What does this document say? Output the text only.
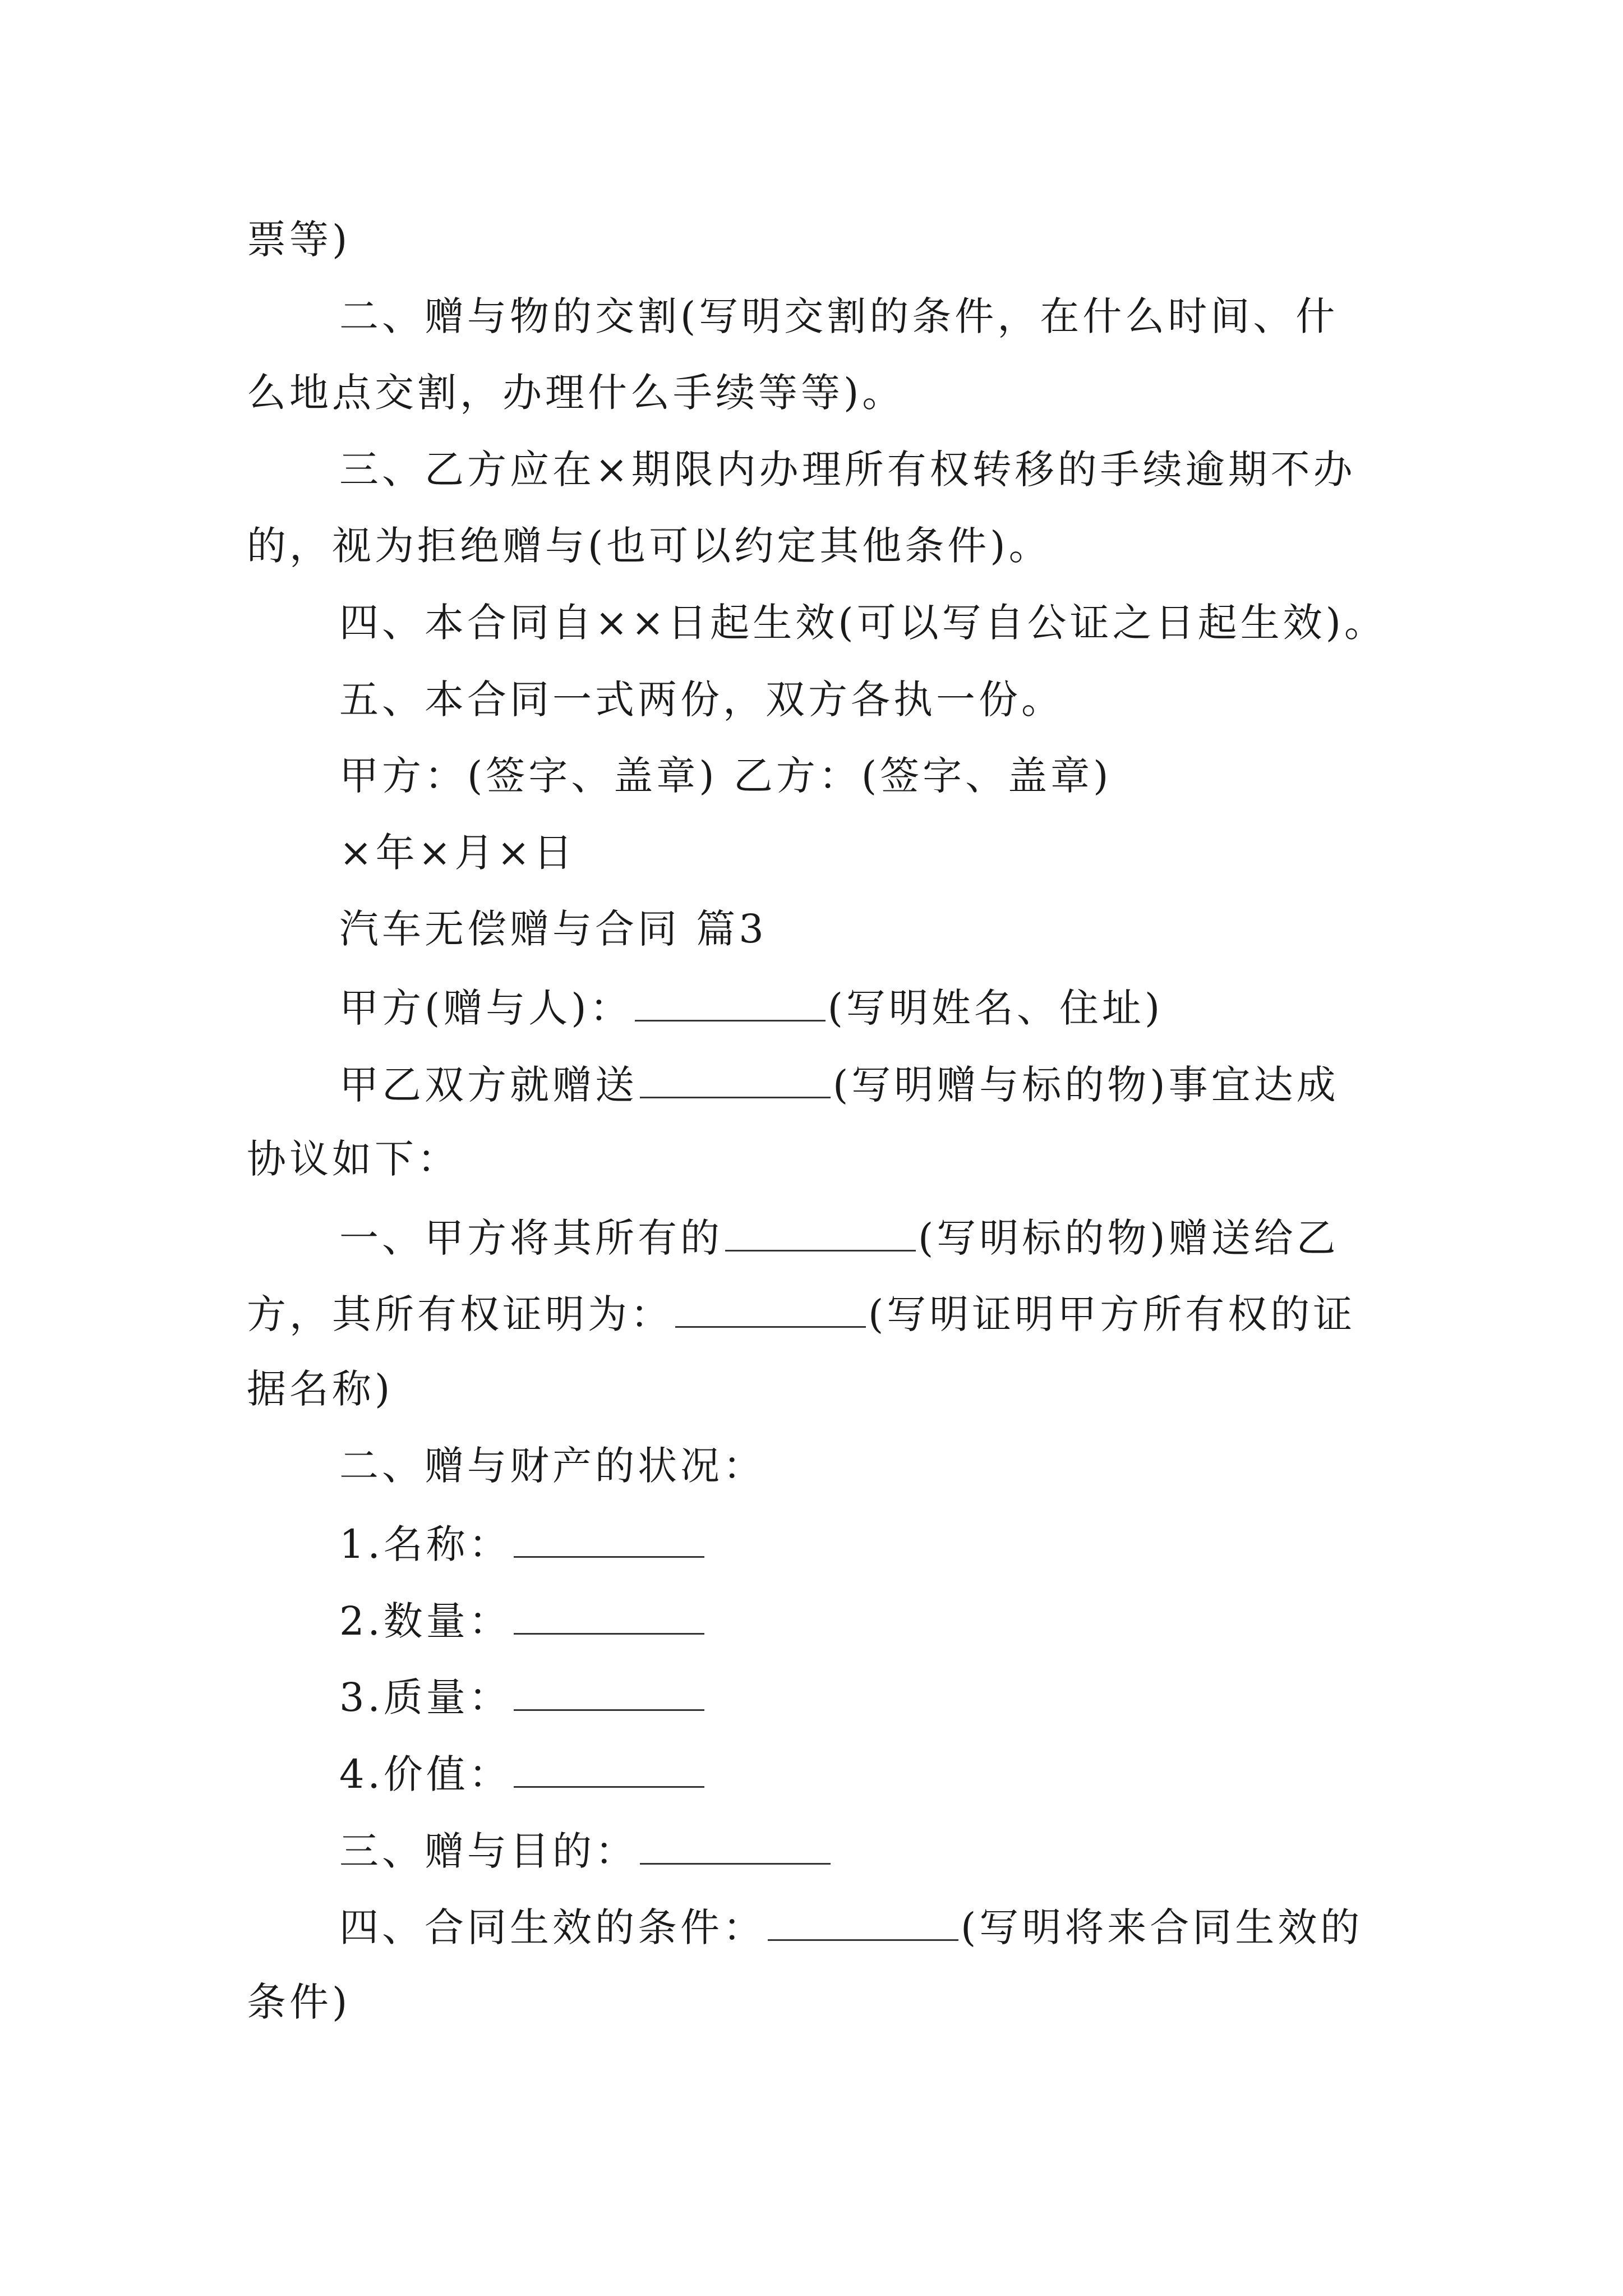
票等)
二、赠与物的交割(写明交割的条件，在什么时间、什
么地点交割，办理什么手续等等)。
三、乙方应在×期限内办理所有权转移的手续逾期不办
的，视为拒绝赠与(也可以约定其他条件)。
四、本合同自××日起生效(可以写自公证之日起生效)。
五、本合同一式两份，双方各执一份。
甲方：(签字、盖章) 乙方：(签字、盖章)
×年×月×日
汽车无偿赠与合同 篇3
甲方(赠与人)：	(写明姓名、住址)
甲乙双方就赠送	(写明赠与标的物)事宜达成
协议如下：
一、甲方将其所有的	(写明标的物)赠送给乙
方，其所有权证明为：	(写明证明甲方所有权的证
据名称)
二、赠与财产的状况：
1.名称：
2.数量：
3.质量：
4.价值：
三、赠与目的：
四、合同生效的条件：	(写明将来合同生效的
条件)
